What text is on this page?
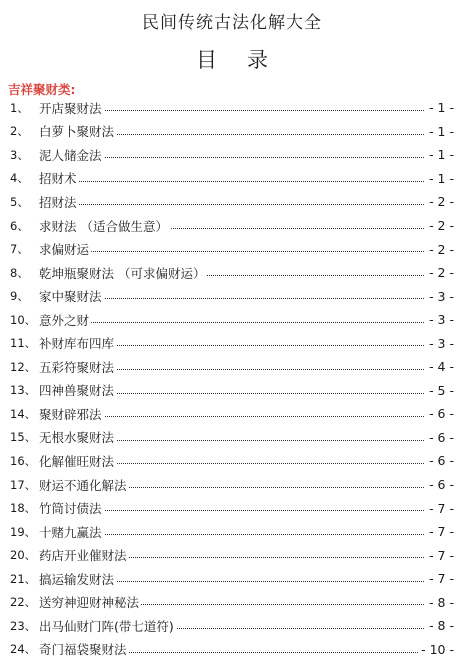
民间传统古法化解大全
目 录
吉祥聚财类:
1、 开店聚财法	- 1 -
2、 白萝卜聚财法	- 1 -
3、 泥人储金法	- 1 -
4、 招财术	- 1 -
5、 招财法	- 2 -
6、 求财法 （适合做生意）	- 2 -
7、 求偏财运	- 2 -
8、 乾坤瓶聚财法 （可求偏财运）	- 2 -
9、 家中聚财法	- 3 -
10、 意外之财	- 3 -
11、 补财库布四库	- 3 -
12、 五彩符聚财法	- 4 -
13、 四神兽聚财法	- 5 -
14、 聚财辟邪法	- 6 -
15、 无根水聚财法	- 6 -
16、 化解催旺财法	- 6 -
17、 财运不通化解法	- 6 -
18、 竹筒讨债法	- 7 -
19、 十赌九赢法	- 7 -
20、 药店开业催财法	- 7 -
21、 搞运输发财法	- 7 -
22、 送穷神迎财神秘法	- 8 -
23、 出马仙财门阵(带七道符)	- 8 -
24、 奇门福袋聚财法	- 10 -
